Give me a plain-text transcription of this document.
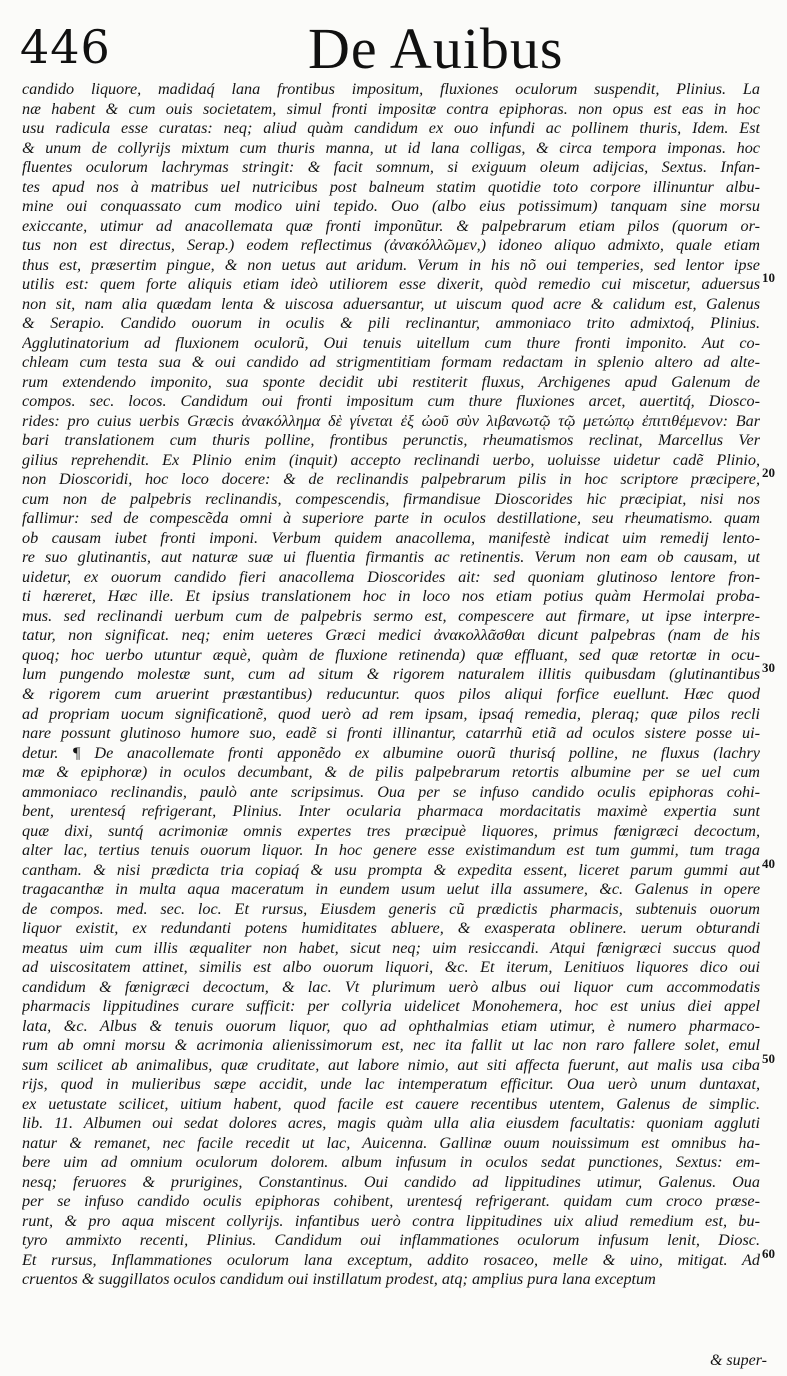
446	De Auibus
candido liquore, madidaq́ lana frontibus impositum, fluxiones oculorum suspendit, Plinius. La
næ habent & cum ouis societatem, simul fronti impositæ contra epiphoras. non opus est eas in hoc
usu radicula esse curatas: neq; aliud quàm candidum ex ouo infundi ac pollinem thuris, Idem. Est
& unum de collyrijs mixtum cum thuris manna, ut id lana colligas, & circa tempora imponas. hoc
fluentes oculorum lachrymas stringit: & facit somnum, si exiguum oleum adijcias, Sextus. Infan-
tes apud nos à matribus uel nutricibus post balneum statim quotidie toto corpore illinuntur albu-
mine oui conquassato cum modico uini tepido. Ouo (albo eius potissimum) tanquam sine morsu
exiccante, utimur ad anacollemata quæ fronti imponũtur. & palpebrarum etiam pilos (quorum or-
tus non est directus, Serap.) eodem reflectimus (ἀνακόλλῶμεν,) idoneo aliquo admixto, quale etiam
thus est, præsertim pingue, & non uetus aut aridum. Verum in his nõ oui temperies, sed lentor ipse
utilis est: quem forte aliquis etiam ideò utiliorem esse dixerit, quòd remedio cui miscetur, aduersus
non sit, nam alia quædam lenta & uiscosa aduersantur, ut uiscum quod acre & calidum est, Galenus
& Serapio. Candido ouorum in oculis & pili reclinantur, ammoniaco trito admixtoq́, Plinius.
Agglutinatorium ad fluxionem oculorũ, Oui tenuis uitellum cum thure fronti imponito. Aut co-
chleam cum testa sua & oui candido ad strigmentitiam formam redactam in splenio altero ad alte-
rum extendendo imponito, sua sponte decidit ubi restiterit fluxus, Archigenes apud Galenum de
compos. sec. locos. Candidum oui fronti impositum cum thure fluxiones arcet, auertitq́, Diosco-
rides: pro cuius uerbis Græcis ἀνακόλλημα δὲ γίνεται ἐξ ὠοῦ σὺν λιβανωτῷ τῷ μετώπῳ ἐπιτιθέμενον: Bar
bari translationem cum thuris polline, frontibus perunctis, rheumatismos reclinat, Marcellus Ver
gilius reprehendit. Ex Plinio enim (inquit) accepto reclinandi uerbo, uoluisse uidetur cadẽ Plinio,
non Dioscoridi, hoc loco docere: & de reclinandis palpebrarum pilis in hoc scriptore præcipere,
cum non de palpebris reclinandis, compescendis, firmandisue Dioscorides hic præcipiat, nisi nos
fallimur: sed de compescẽda omni à superiore parte in oculos destillatione, seu rheumatismo. quam
ob causam iubet fronti imponi. Verbum quidem anacollema, manifestè indicat uim remedij lento-
re suo glutinantis, aut naturæ suæ ui fluentia firmantis ac retinentis. Verum non eam ob causam, ut
uidetur, ex ouorum candido fieri anacollema Dioscorides ait: sed quoniam glutinoso lentore fron-
ti hæreret, Hæc ille. Et ipsius translationem hoc in loco nos etiam potius quàm Hermolai proba-
mus. sed reclinandi uerbum cum de palpebris sermo est, compescere aut firmare, ut ipse interpre-
tatur, non significat. neq; enim ueteres Græci medici ἀνακολλᾶσθαι dicunt palpebras (nam de his
quoq; hoc uerbo utuntur æquè, quàm de fluxione retinenda) quæ effluant, sed quæ retortæ in ocu-
lum pungendo molestæ sunt, cum ad situm & rigorem naturalem illitis quibusdam (glutinantibus
& rigorem cum aruerint præstantibus) reducuntur. quos pilos aliqui forfice euellunt. Hæc quod
ad propriam uocum significationẽ, quod uerò ad rem ipsam, ipsaq́ remedia, pleraq; quæ pilos recli
nare possunt glutinoso humore suo, eadẽ si fronti illinantur, catarrhũ etiã ad oculos sistere posse ui-
detur. ¶ De anacollemate fronti apponẽdo ex albumine ouorũ thurisq́ polline, ne fluxus (lachry
mæ & epiphoræ) in oculos decumbant, & de pilis palpebrarum retortis albumine per se uel cum
ammoniaco reclinandis, paulò ante scripsimus. Oua per se infuso candido oculis epiphoras cohi-
bent, urentesq́ refrigerant, Plinius. Inter ocularia pharmaca mordacitatis maximè expertia sunt
quæ dixi, suntq́ acrimoniæ omnis expertes tres præcipuè liquores, primus fœnigræci decoctum,
alter lac, tertius tenuis ouorum liquor. In hoc genere esse existimandum est tum gummi, tum traga
cantham. & nisi prædicta tria copiaq́ & usu prompta & expedita essent, liceret parum gummi aut
tragacanthæ in multa aqua maceratum in eundem usum uelut illa assumere, &c. Galenus in opere
de compos. med. sec. loc. Et rursus, Eiusdem generis cũ prædictis pharmacis, subtenuis ouorum
liquor existit, ex redundanti potens humiditates abluere, & exasperata oblinere. uerum obturandi
meatus uim cum illis æqualiter non habet, sicut neq; uim resiccandi. Atqui fœnigræci succus quod
ad uiscositatem attinet, similis est albo ouorum liquori, &c. Et iterum, Lenitiuos liquores dico oui
candidum & fœnigræci decoctum, & lac. Vt plurimum uerò albus oui liquor cum accommodatis
pharmacis lippitudines curare sufficit: per collyria uidelicet Monohemera, hoc est unius diei appel
lata, &c. Albus & tenuis ouorum liquor, quo ad ophthalmias etiam utimur, è numero pharmaco-
rum ab omni morsu & acrimonia alienissimorum est, nec ita fallit ut lac non raro fallere solet, emul
sum scilicet ab animalibus, quæ cruditate, aut labore nimio, aut siti affecta fuerunt, aut malis usa ciba
rijs, quod in mulieribus sæpe accidit, unde lac intemperatum efficitur. Oua uerò unum duntaxat,
ex uetustate scilicet, uitium habent, quod facile est cauere recentibus utentem, Galenus de simplic.
lib. 11. Albumen oui sedat dolores acres, magis quàm ulla alia eiusdem facultatis: quoniam aggluti
natur & remanet, nec facile recedit ut lac, Auicenna. Gallinæ ouum nouissimum est omnibus ha-
bere uim ad omnium oculorum dolorem. album infusum in oculos sedat punctiones, Sextus: em-
nesq; feruores & prurigines, Constantinus. Oui candido ad lippitudines utimur, Galenus. Oua
per se infuso candido oculis epiphoras cohibent, urentesq́ refrigerant. quidam cum croco præse-
runt, & pro aqua miscent collyrijs. infantibus uerò contra lippitudines uix aliud remedium est, bu-
tyro ammixto recenti, Plinius. Candidum oui inflammationes oculorum infusum lenit, Diosc.
Et rursus, Inflammationes oculorum lana exceptum, addito rosaceo, melle & uino, mitigat. Ad
cruentos & suggillatos oculos candidum oui instillatum prodest, atq; amplius pura lana exceptum
10
20
30
40
50
60
& super-
